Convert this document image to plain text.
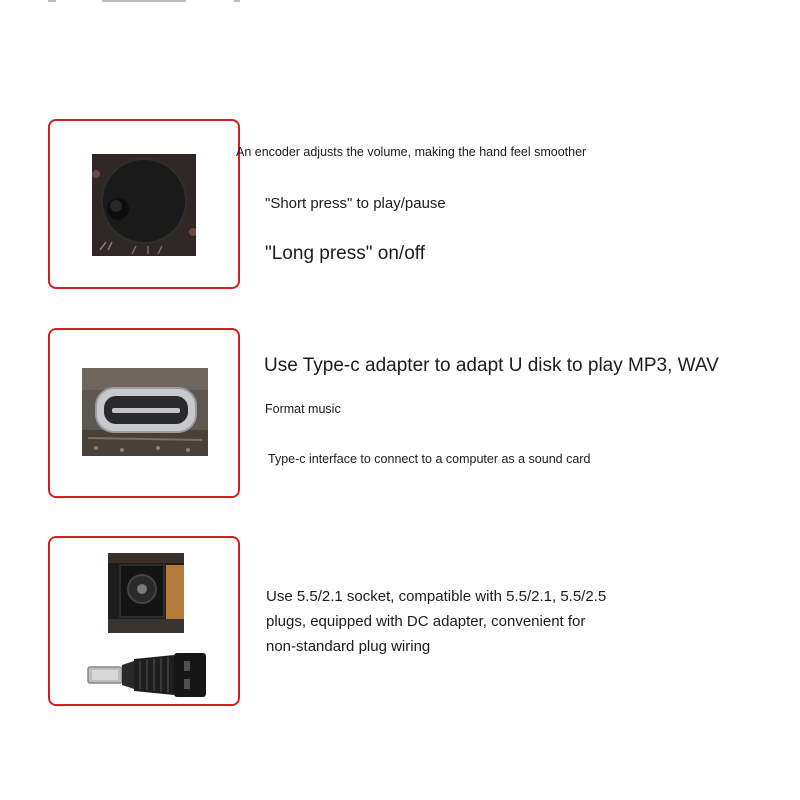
An encoder adjusts the volume, making the hand feel smoother
"Short press" to play/pause
"Long press" on/off
Use Type-c adapter to adapt U disk to play MP3, WAV
Format music
Type-c interface to connect to a computer as a sound card
Use 5.5/2.1 socket, compatible with 5.5/2.1, 5.5/2.5
plugs, equipped with DC adapter, convenient for
non-standard plug wiring
